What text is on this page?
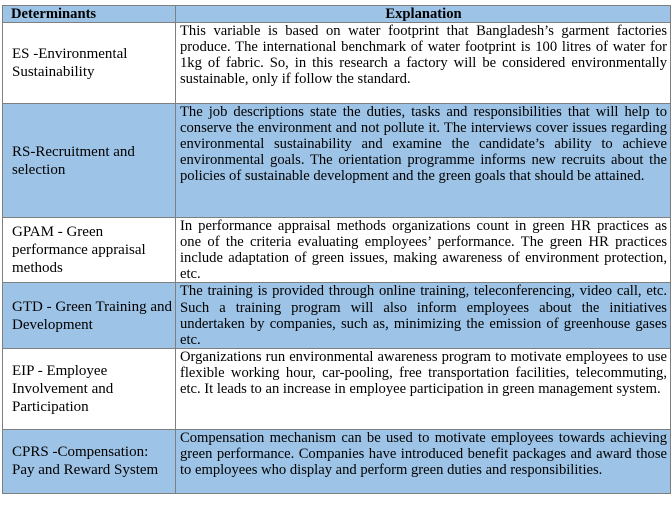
Determinants	Explanation
ES -Environmental Sustainability	This variable is based on water footprint that Bangladesh’s garment factories produce. The international benchmark of water footprint is 100 litres of water for 1kg of fabric. So, in this research a factory will be considered environmentally sustainable, only if follow the standard.
RS-Recruitment and selection	The job descriptions state the duties, tasks and responsibilities that will help to conserve the environment and not pollute it. The interviews cover issues regarding environmental sustainability and examine the candidate’s ability to achieve environmental goals. The orientation programme informs new recruits about the policies of sustainable development and the green goals that should be attained.
GPAM - Green performance appraisal methods	In performance appraisal methods organizations count in green HR practices as one of the criteria evaluating employees’ performance. The green HR practices include adaptation of green issues, making awareness of environment protection, etc.
GTD - Green Training and Development	The training is provided through online training, teleconferencing, video call, etc. Such a training program will also inform employees about the initiatives undertaken by companies, such as, minimizing the emission of greenhouse gases etc.
EIP - Employee Involvement and Participation	Organizations run environmental awareness program to motivate employees to use flexible working hour, car-pooling, free transportation facilities, telecommuting, etc. It leads to an increase in employee participation in green management system.
CPRS -Compensation: Pay and Reward System	Compensation mechanism can be used to motivate employees towards achieving green performance. Companies have introduced benefit packages and award those to employees who display and perform green duties and responsibilities.
